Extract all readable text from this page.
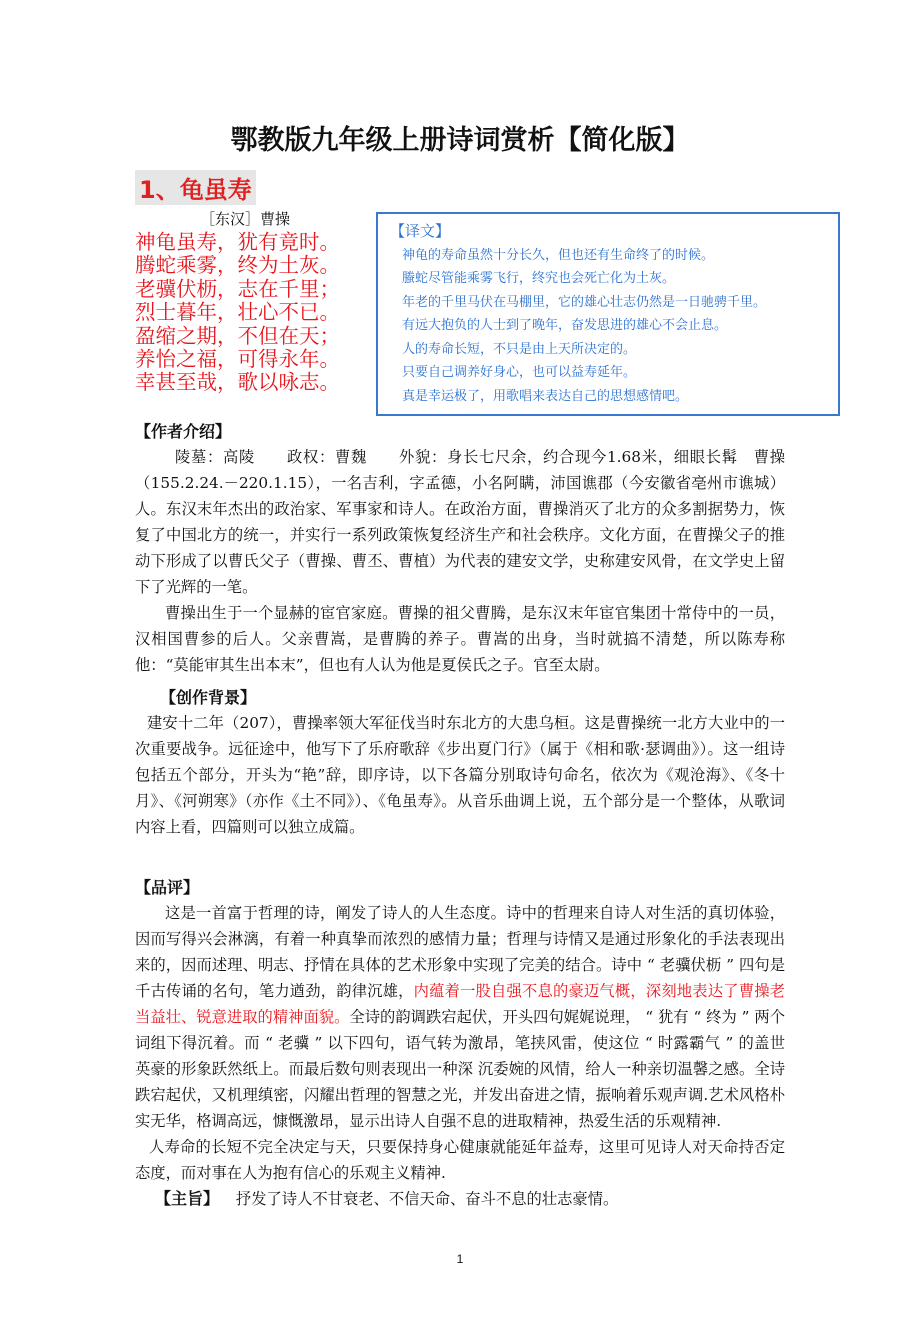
鄂教版九年级上册诗词赏析【简化版】
1、龟虽寿
［东汉］曹操
神龟虽寿，犹有竟时。
腾蛇乘雾，终为土灰。
老骥伏枥，志在千里；
烈士暮年，壮心不已。
盈缩之期，不但在天；
养怡之福，可得永年。
幸甚至哉，歌以咏志。
【译文】
神龟的寿命虽然十分长久，但也还有生命终了的时候。
螣蛇尽管能乘雾飞行，终究也会死亡化为土灰。
年老的千里马伏在马棚里，它的雄心壮志仍然是一日驰骋千里。
有远大抱负的人士到了晚年，奋发思进的雄心不会止息。
人的寿命长短，不只是由上天所决定的。
只要自己调养好身心，也可以益寿延年。
真是幸运极了，用歌唱来表达自己的思想感情吧。
【作者介绍】
陵墓：高陵　　政权：曹魏　　外貌：身长七尺余，约合现今1.68米，细眼长髯　曹操（155.2.24.－220.1.15），一名吉利，字孟德，小名阿瞒，沛国谯郡（今安徽省亳州市谯城）人。东汉末年杰出的政治家、军事家和诗人。在政治方面，曹操消灭了北方的众多割据势力，恢复了中国北方的统一，并实行一系列政策恢复经济生产和社会秩序。文化方面，在曹操父子的推动下形成了以曹氏父子（曹操、曹丕、曹植）为代表的建安文学，史称建安风骨，在文学史上留下了光辉的一笔。
曹操出生于一个显赫的宦官家庭。曹操的祖父曹腾，是东汉末年宦官集团十常侍中的一员，汉相国曹参的后人。父亲曹嵩，是曹腾的养子。曹嵩的出身，当时就搞不清楚，所以陈寿称他：“莫能审其生出本末”，但也有人认为他是夏侯氏之子。官至太尉。
【创作背景】
建安十二年（207），曹操率领大军征伐当时东北方的大患乌桓。这是曹操统一北方大业中的一次重要战争。远征途中，他写下了乐府歌辞《步出夏门行》（属于《相和歌·瑟调曲》）。这一组诗包括五个部分，开头为“艳”辞，即序诗，以下各篇分别取诗句命名，依次为《观沧海》、《冬十月》、《河朔寒》（亦作《土不同》）、《龟虽寿》。从音乐曲调上说，五个部分是一个整体，从歌词内容上看，四篇则可以独立成篇。
【品评】
这是一首富于哲理的诗，阐发了诗人的人生态度。诗中的哲理来自诗人对生活的真切体验，因而写得兴会淋漓，有着一种真挚而浓烈的感情力量；哲理与诗情又是通过形象化的手法表现出来的，因而述理、明志、抒情在具体的艺术形象中实现了完美的结合。诗中 “ 老骥伏枥 ” 四句是千古传诵的名句，笔力遒劲，韵律沉雄，内蕴着一股自强不息的豪迈气概，深刻地表达了曹操老当益壮、锐意进取的精神面貌。全诗的韵调跌宕起伏，开头四句娓娓说理， “ 犹有 “ 终为 ” 两个词组下得沉着。而 “ 老骥 ” 以下四句，语气转为激昂，笔挟风雷，使这位 “ 时露霸气 ” 的盖世英豪的形象跃然纸上。而最后数句则表现出一种深 沉委婉的风情，给人一种亲切温馨之感。全诗跌宕起伏，又机理缜密，闪耀出哲理的智慧之光，并发出奋进之情，振响着乐观声调.艺术风格朴实无华，格调高远，慷慨激昂，显示出诗人自强不息的进取精神，热爱生活的乐观精神.
人寿命的长短不完全决定与天，只要保持身心健康就能延年益寿，这里可见诗人对天命持否定态度，而对事在人为抱有信心的乐观主义精神.
【主旨】 抒发了诗人不甘衰老、不信天命、奋斗不息的壮志豪情。
1
